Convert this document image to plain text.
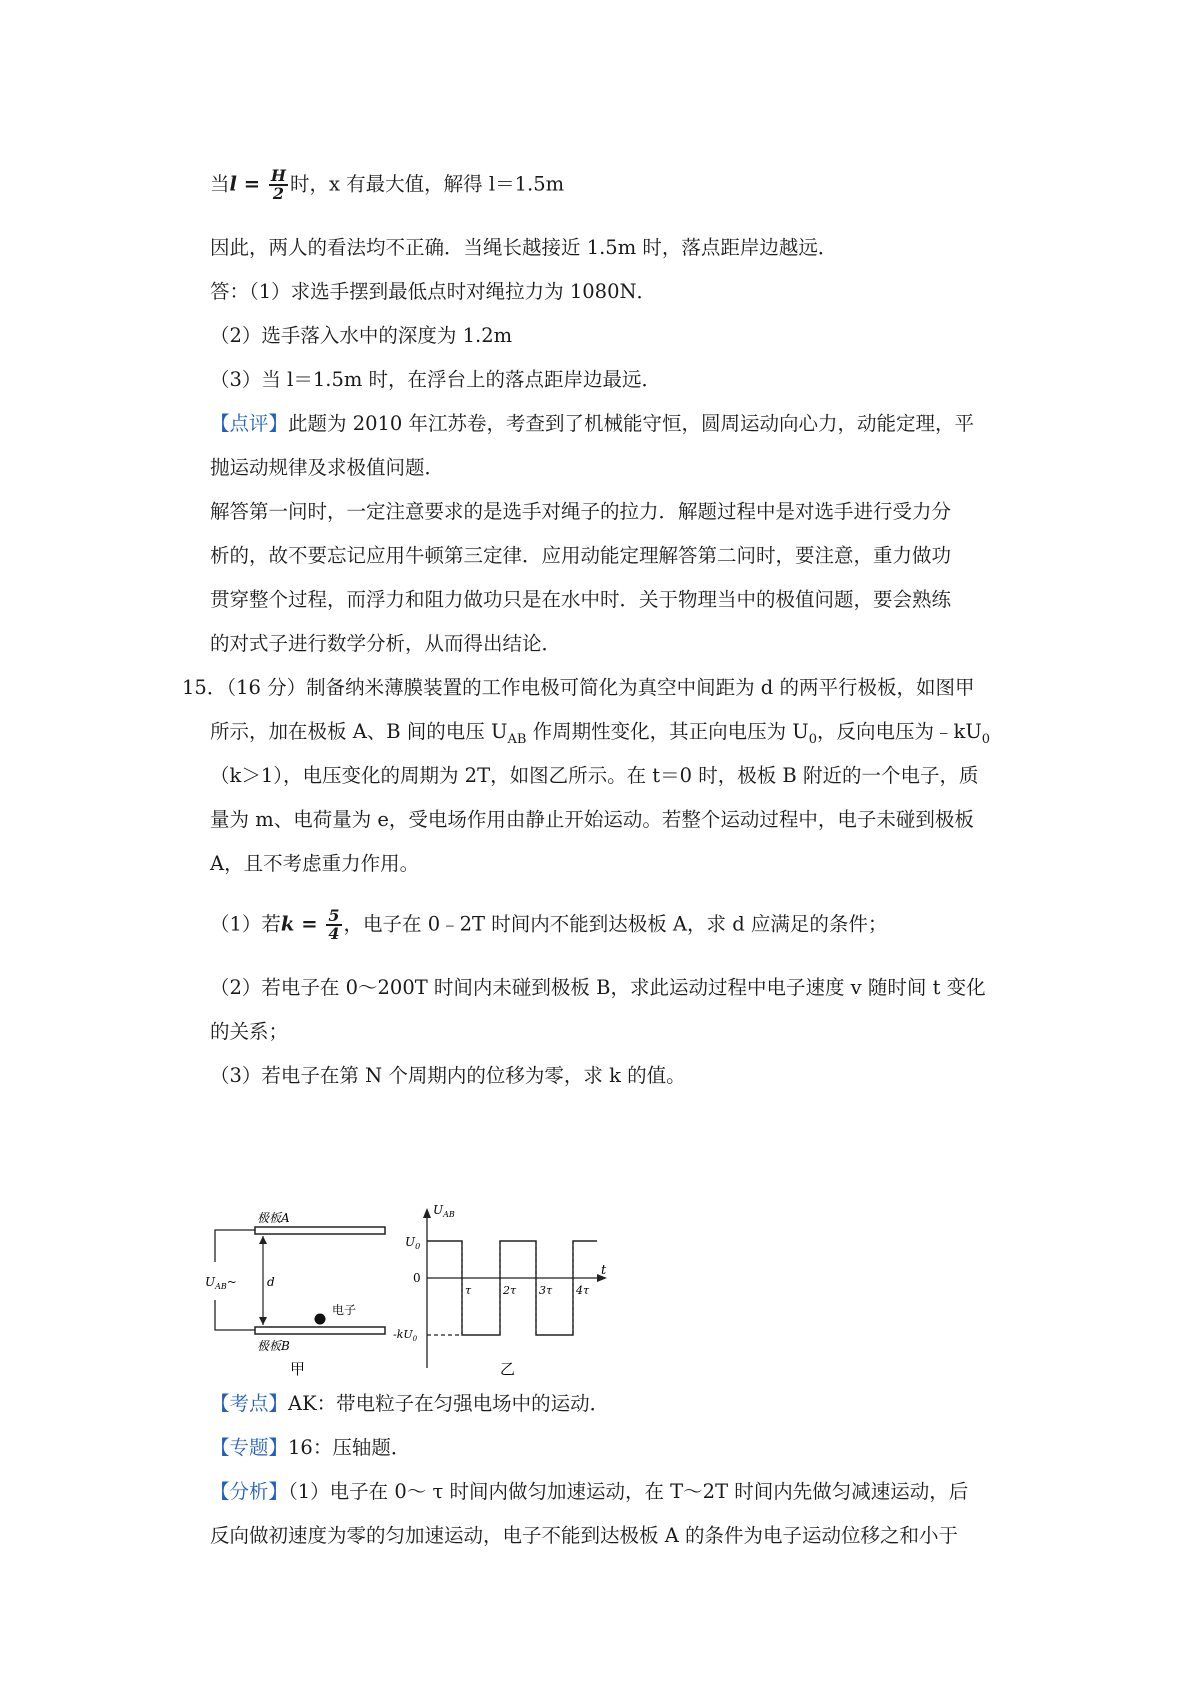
当$l = \frac{H}{2}$ 时，x 有最大值，解得 l＝1.5m
因此，两人的看法均不正确．当绳长越接近 1.5m 时，落点距岸边越远．
答：（1）求选手摆到最低点时对绳拉力为 1080N．
（2）选手落入水中的深度为 1.2m
（3）当 l＝1.5m 时，在浮台上的落点距岸边最远．
【点评】此题为 2010 年江苏卷，考查到了机械能守恒，圆周运动向心力，动能定理，平
抛运动规律及求极值问题．
解答第一问时，一定注意要求的是选手对绳子的拉力．解题过程中是对选手进行受力分
析的，故不要忘记应用牛顿第三定律．应用动能定理解答第二问时，要注意，重力做功
贯穿整个过程，而浮力和阻力做功只是在水中时．关于物理当中的极值问题，要会熟练
的对式子进行数学分析，从而得出结论．
15．（16 分）制备纳米薄膜装置的工作电极可简化为真空中间距为 d 的两平行极板，如图甲
所示，加在极板 A、B 间的电压 $U_{AB}$ 作周期性变化，其正向电压为 $U_0$，反向电压为$﹣kU_0$
（k＞1），电压变化的周期为 2T，如图乙所示。在 t＝0 时，极板 B 附近的一个电子，质
量为 m、电荷量为 e，受电场作用由静止开始运动。若整个运动过程中，电子未碰到极板
A，且不考虑重力作用。
（1）若$k = \frac{5}{4}$ ，电子在 0﹣2T 时间内不能到达极板 A，求 d 应满足的条件；
（2）若电子在 0～200T 时间内未碰到极板 B，求此运动过程中电子速度 v 随时间 t 变化
的关系；
（3）若电子在第 N 个周期内的位移为零，求 k 的值。
极板A
极板B
$U_{AB}\sim$	d
电子
甲
$U_{AB}$
$U_0$
0
$-kU_0$
t
τ	2τ 3τ 4τ
乙
【考点】AK：带电粒子在匀强电场中的运动．
【专题】16：压轴题．
【分析】（1）电子在 0～ τ 时间内做匀加速运动，在 T～2T 时间内先做匀减速运动，后
反向做初速度为零的匀加速运动，电子不能到达极板 A 的条件为电子运动位移之和小于
